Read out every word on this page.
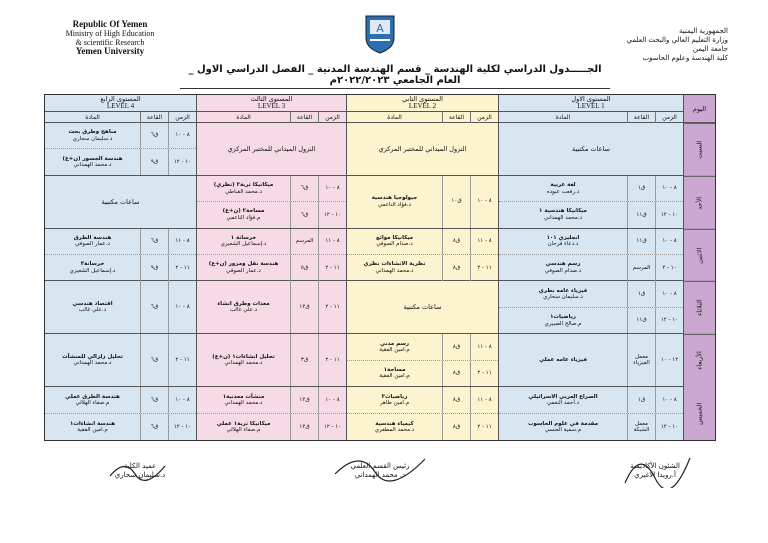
Republic Of Yemen
Ministry of High Education
& scientific Research
Yemen University
A	الجمهورية اليمنية
وزارة التعليم العالي والبحث العلمي
جامعة اليمن
كلية الهندسة وعلوم الحاسوب
الجـــــدول الدراسي لكلية الهندسة _ قسم الهندسة المدنية _ الفصل الدراسي الاول _ العام الجامعي ٢٠٢٢/٢٠٢٣م
المستوى الرابع
LEVEL 4
الزمن
القاعة
المادة
٨ - ١٠
ق٦
مناهج وطرق بحث
د.سليمان سحاري
١٠ - ١٢
ق٩
هندسة الجسور (ن+ع)
د.محمد الهمداني
ساعات مكتبية
٨ - ١١
ق٦
هندسة الطرق
د.عمار الصوفي
١١ - ٢
ق٩
خرسانة٣
د.إسماعيل الشعيري
٨ - ١٠
ق٦
اقتصاد هندسي
د.علي غالب
١١ - ٢
ق٦
تحليل زلزالي للمنشآت
د.محمد الهمداني
٨ - ١٠
ق٦
هندسة الطرق عملي
م.صفاء الهلالي
١٠ - ١٢
ق٦
هندسة انشاءات١
م.امين الفقية
المستوى الثالث
LEVEL 3
الزمن
القاعة
المادة
النزول الميداني للمختبر المركزي
٨ - ١٠
ق٦
ميكانيكا تربة٢ (نظري)
د.محمد القباطي
١٠ - ١٢
ق٦
مساحة٢ (ن+ع)
م.فؤاد الناعمي
٨ - ١١
المرسم
خرسانة ١
د.إسماعيل الشعيري
١١ - ٢
ق٥
هندسة نقل ومرور (ن+ع)
د.عمار الصوفي
١١ - ٢
ق١٢
معدات وطرق انشاء
د.علي غالب
١١ - ٢
ق٣
تحليل انشاءات١ (ن+ع)
د.محمد الهمداني
٨ - ١٠
ق١٢
منشآت معدنية١
د.محمد الهمداني
١٠ - ١٢
ق١٢
ميكانيكا تربة١ عملي
م.صفاء الهلالي
المستوى الثاني
LEVEL 2
الزمن
القاعة
المادة
النزول الميداني للمختبر المركزي
٨ - ١٠
ق١٠
جيولوجيا هندسية
د.فؤاد الناعمي
٨ - ١١
ق٨
ميكانيكا موائع
د.صدام الصوفي
١١ - ٢
ق٨
نظرية الانشاءات نظري
د.محمد الهمداني
ساعات مكتبية
٨ - ١١
ق٨
رسم مدني
م.امين الفقية
١١ - ٢
ق٨
مساحة١
م.امين الفقية
٨ - ١١
ق٨
رياضيات٣
م.امين طاهر
١١ - ٢
ق٨
كيمياء هندسية
د.محمد المطفري
المستوى الاول
LEVEL 1
الزمن
القاعة
المادة
ساعات مكتبية
٨ - ١٠
ق١
لغة عربية
د.رفعت عبوده
١٠ - ١٢
ق١١
ميكانيكا هندسية ١
د.محمد الهمداني
٨ - ١٠
ق١١
انجليزي ١٠١
د.دعاء فرحان
١٠ - ٢
المرسم
رسم هندسي
د.صدام الصوفي
٨ - ١٠
ق١
فيزياء عامه نظري
د.سليمان سحاري
١٠ - ١٢
ق١١
رياضيات١
م.صالح الصبيري
١٢ - ١٠
معمل الفيزياء
فيزياء عامه عملي
٨ - ١٠
ق١
الصراع العربي الاسرائيلي
د.أحمد النعمي
١٠ - ١٢
معمل الشبكة
مقدمة في علوم الحاسوب
م.سمية العنسي
اليوم
السبت
الأحد
الاثنين
الثلاثاء
الأربعاء
الخميس
عميد الكلية
د.سليمان سحاري
رئيس القسم العلمي
د. محمد الهمداني
الشئون الأكاديمية
أ.رويدا الاغبري
